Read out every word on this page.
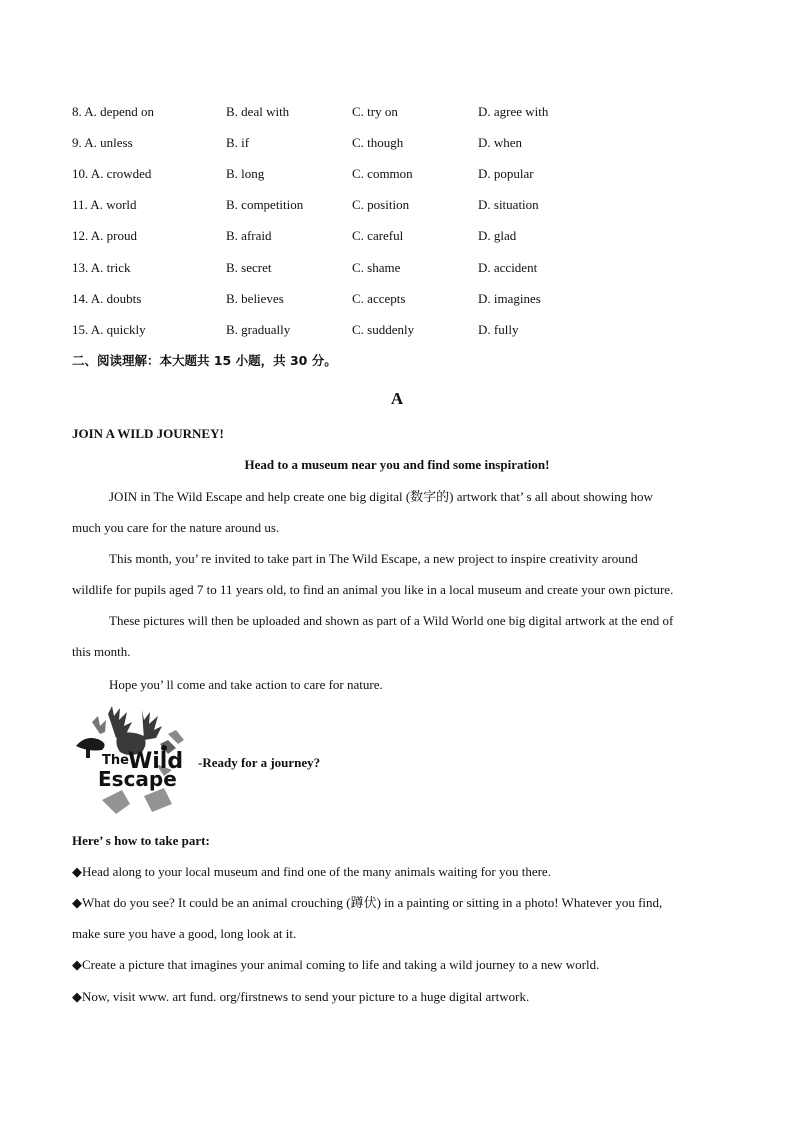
8. A. depend on	B. deal with	C. try on	D. agree with
9. A. unless	B. if	C. though	D. when
10. A. crowded	B. long	C. common	D. popular
11. A. world	B. competition	C. position	D. situation
12. A. proud	B. afraid	C. careful	D. glad
13. A. trick	B. secret	C. shame	D. accident
14. A. doubts	B. believes	C. accepts	D. imagines
15. A. quickly	B. gradually	C. suddenly	D. fully
二、阅读理解：本大题共 15 小题，共 30 分。
A
JOIN A WILD JOURNEY!
Head to a museum near you and find some inspiration!
JOIN in The Wild Escape and help create one big digital (数字的) artwork that’ s all about showing how
much you care for the nature around us.
This month, you’ re invited to take part in The Wild Escape, a new project to inspire creativity around
wildlife for pupils aged 7 to 11 years old, to find an animal you like in a local museum and create your own picture.
These pictures will then be uploaded and shown as part of a Wild World one big digital artwork at the end of
this month.
Hope you’ ll come and take action to care for nature.
The Wild
Escape
-Ready for a journey?
Here’ s how to take part:
◆Head along to your local museum and find one of the many animals waiting for you there.
◆What do you see? It could be an animal crouching (蹲伏) in a painting or sitting in a photo! Whatever you find,
make sure you have a good, long look at it.
◆Create a picture that imagines your animal coming to life and taking a wild journey to a new world.
◆Now, visit www. art fund. org/firstnews to send your picture to a huge digital artwork.
